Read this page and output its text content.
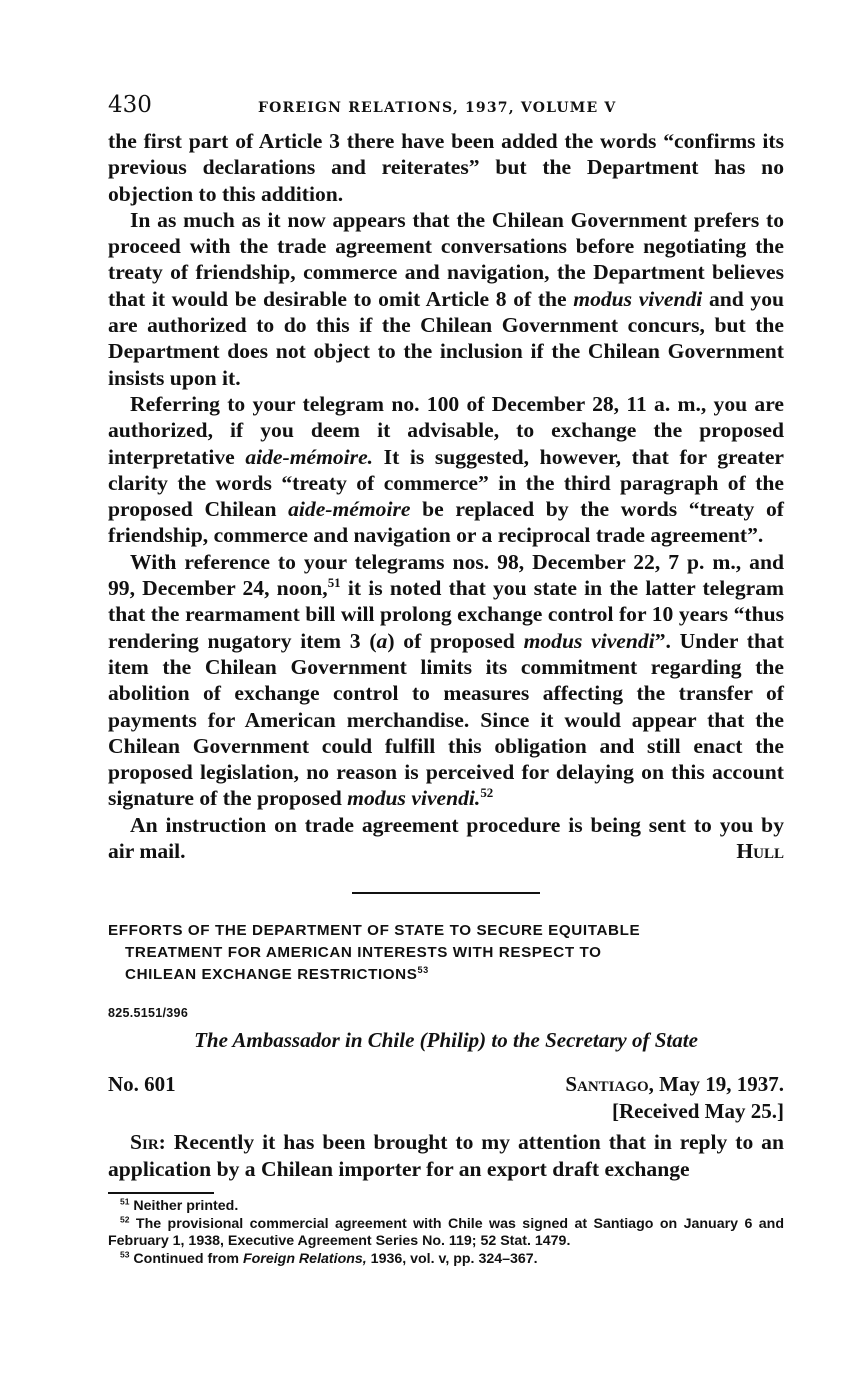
430	FOREIGN RELATIONS, 1937, VOLUME V

the first part of Article 3 there have been added the words “confirms its previous declarations and reiterates” but the Department has no objection to this addition.

In as much as it now appears that the Chilean Government prefers to proceed with the trade agreement conversations before negotiating the treaty of friendship, commerce and navigation, the Department believes that it would be desirable to omit Article 8 of the modus vivendi and you are authorized to do this if the Chilean Government concurs, but the Department does not object to the inclusion if the Chilean Government insists upon it.

Referring to your telegram no. 100 of December 28, 11 a. m., you are authorized, if you deem it advisable, to exchange the proposed interpretative aide-mémoire. It is suggested, however, that for greater clarity the words “treaty of commerce” in the third paragraph of the proposed Chilean aide-mémoire be replaced by the words “treaty of friendship, commerce and navigation or a reciprocal trade agreement”.

With reference to your telegrams nos. 98, December 22, 7 p. m., and 99, December 24, noon,$^{51}$ it is noted that you state in the latter telegram that the rearmament bill will prolong exchange control for 10 years “thus rendering nugatory item 3 (a) of proposed modus vivendi”. Under that item the Chilean Government limits its commitment regarding the abolition of exchange control to measures affecting the transfer of payments for American merchandise. Since it would appear that the Chilean Government could fulfill this obligation and still enact the proposed legislation, no reason is perceived for delaying on this account signature of the proposed modus vivendi.$^{52}$

An instruction on trade agreement procedure is being sent to you by air mail.	Hull

EFFORTS OF THE DEPARTMENT OF STATE TO SECURE EQUITABLE
TREATMENT FOR AMERICAN INTERESTS WITH RESPECT TO
CHILEAN EXCHANGE RESTRICTIONS$^{53}$
825.5151/396
The Ambassador in Chile (Philip) to the Secretary of State
No. 601	Santiago, May 19, 1937.
[Received May 25.]

Sir: Recently it has been brought to my attention that in reply to an application by a Chilean importer for an export draft exchange

$^{51}$ Neither printed.

$^{52}$ The provisional commercial agreement with Chile was signed at Santiago on January 6 and February 1, 1938, Executive Agreement Series No. 119; 52 Stat. 1479.

$^{53}$ Continued from Foreign Relations, 1936, vol. v, pp. 324–367.
